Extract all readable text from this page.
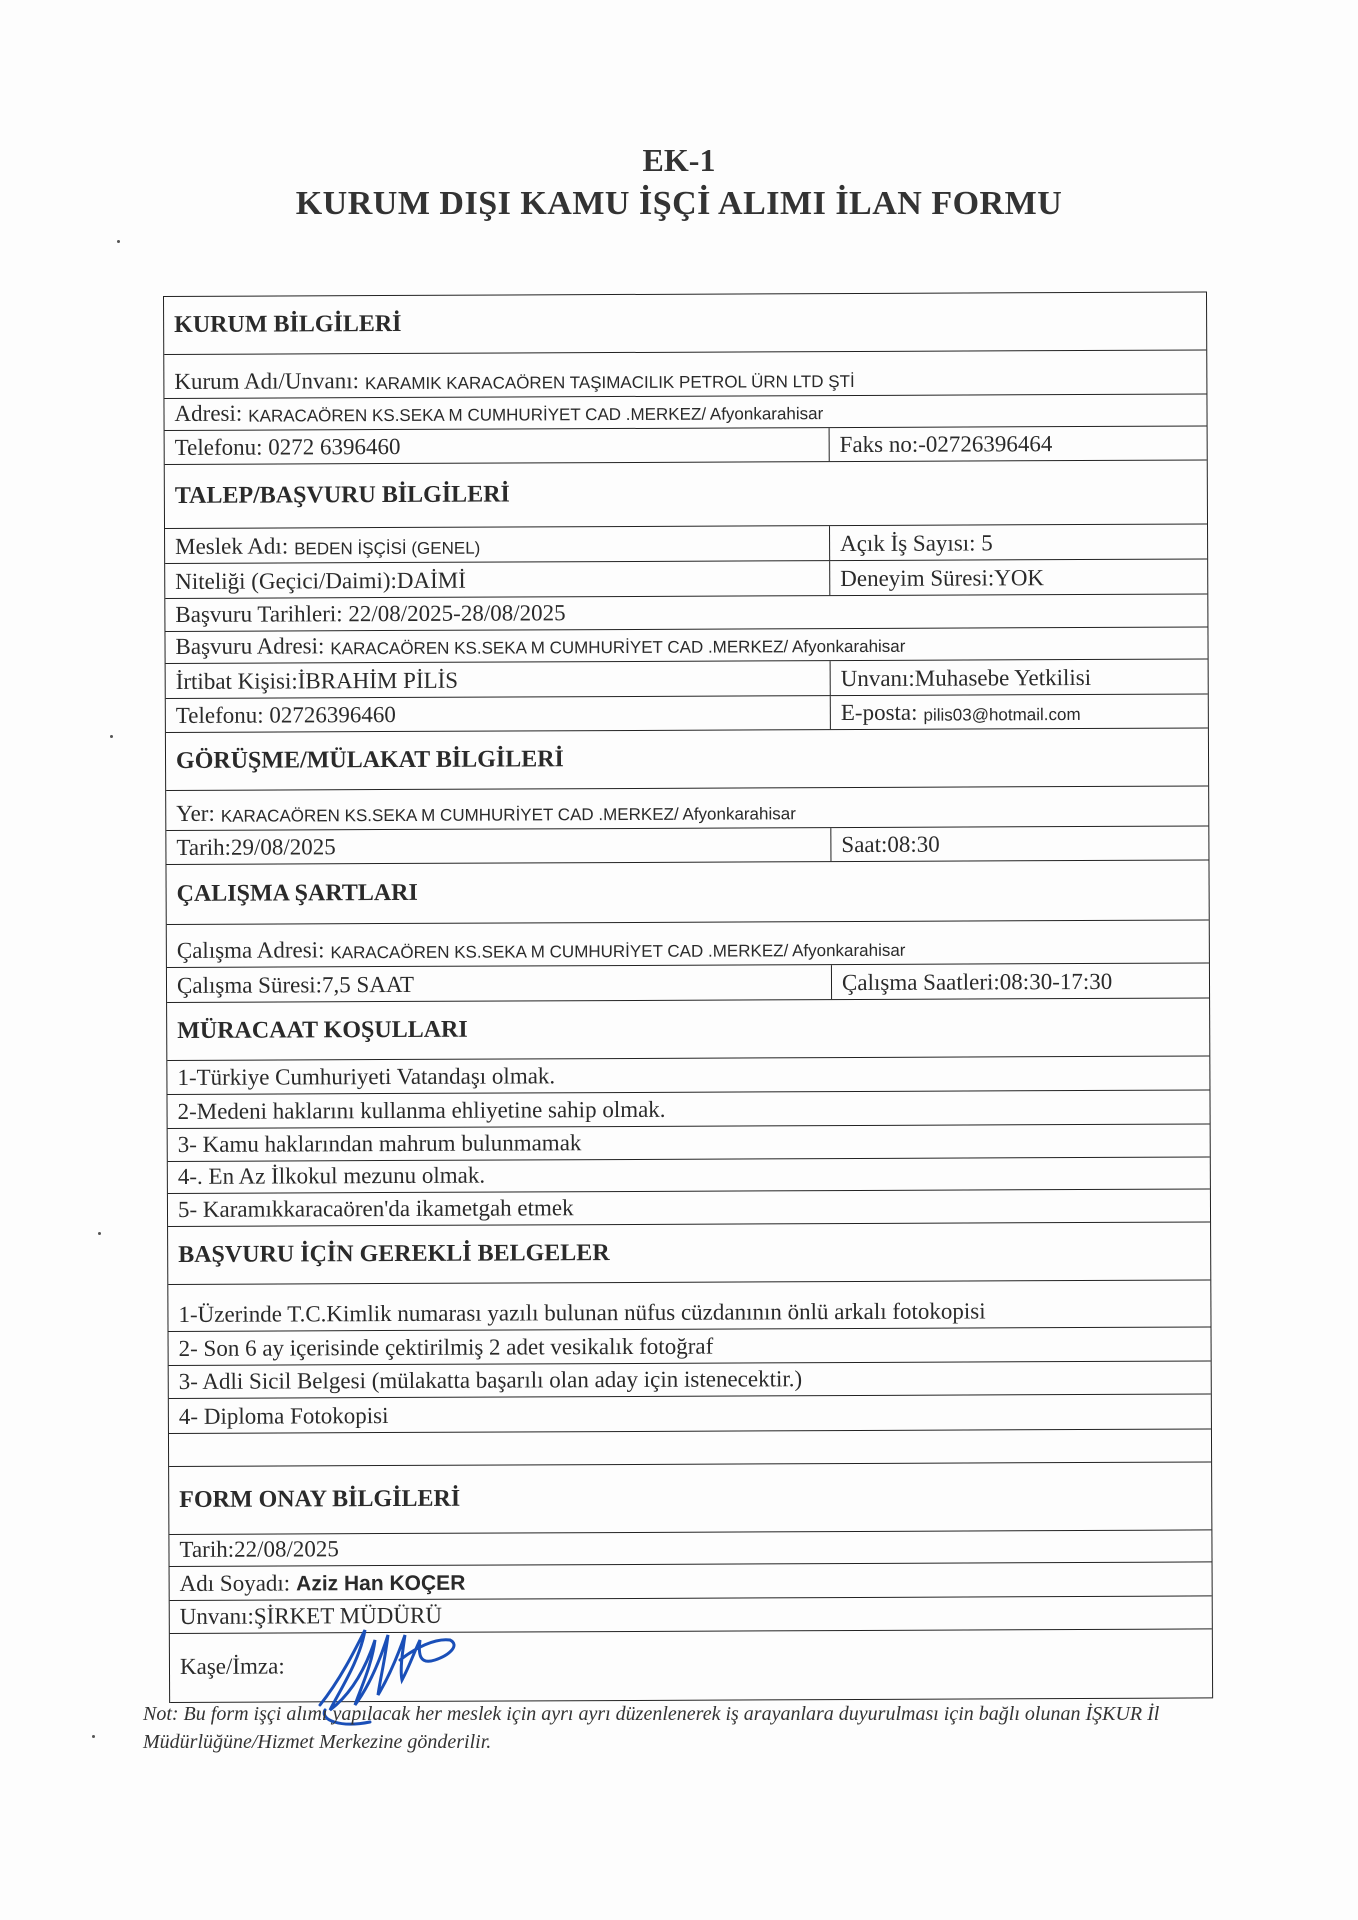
EK-1
KURUM DIŞI KAMU İŞÇİ ALIMI İLAN FORMU
KURUM BİLGİLERİ
Kurum Adı/Unvanı: KARAMIK KARACAÖREN TAŞIMACILIK PETROL ÜRN LTD ŞTİ
Adresi: KARACAÖREN KS.SEKA M CUMHURİYET CAD .MERKEZ/ Afyonkarahisar
Telefonu: 0272 6396460	Faks no:-02726396464
TALEP/BAŞVURU BİLGİLERİ
Meslek Adı: BEDEN İŞÇİSİ (GENEL)	Açık İş Sayısı: 5
Niteliği (Geçici/Daimi):DAİMİ	Deneyim Süresi:YOK
Başvuru Tarihleri: 22/08/2025-28/08/2025
Başvuru Adresi: KARACAÖREN KS.SEKA M CUMHURİYET CAD .MERKEZ/ Afyonkarahisar
İrtibat Kişisi:İBRAHİM PİLİS	Unvanı:Muhasebe Yetkilisi
Telefonu: 02726396460	E-posta: pilis03@hotmail.com
GÖRÜŞME/MÜLAKAT BİLGİLERİ
Yer: KARACAÖREN KS.SEKA M CUMHURİYET CAD .MERKEZ/ Afyonkarahisar
Tarih:29/08/2025	Saat:08:30
ÇALIŞMA ŞARTLARI
Çalışma Adresi: KARACAÖREN KS.SEKA M CUMHURİYET CAD .MERKEZ/ Afyonkarahisar
Çalışma Süresi:7,5 SAAT	Çalışma Saatleri:08:30-17:30
MÜRACAAT KOŞULLARI
1-Türkiye Cumhuriyeti Vatandaşı olmak.
2-Medeni haklarını kullanma ehliyetine sahip olmak.
3- Kamu haklarından mahrum bulunmamak
4-. En Az İlkokul mezunu olmak.
5- Karamıkkaracaören'da ikametgah etmek
BAŞVURU İÇİN GEREKLİ BELGELER
1-Üzerinde T.C.Kimlik numarası yazılı bulunan nüfus cüzdanının önlü arkalı fotokopisi
2- Son 6 ay içerisinde çektirilmiş 2 adet vesikalık fotoğraf
3- Adli Sicil Belgesi (mülakatta başarılı olan aday için istenecektir.)
4- Diploma Fotokopisi
FORM ONAY BİLGİLERİ
Tarih:22/08/2025
Adı Soyadı: Aziz Han KOÇER
Unvanı:ŞİRKET MÜDÜRÜ
Kaşe/İmza:
Not: Bu form işçi alımı yapılacak her meslek için ayrı ayrı düzenlenerek iş arayanlara duyurulması için bağlı olunan İŞKUR İl Müdürlüğüne/Hizmet Merkezine gönderilir.
